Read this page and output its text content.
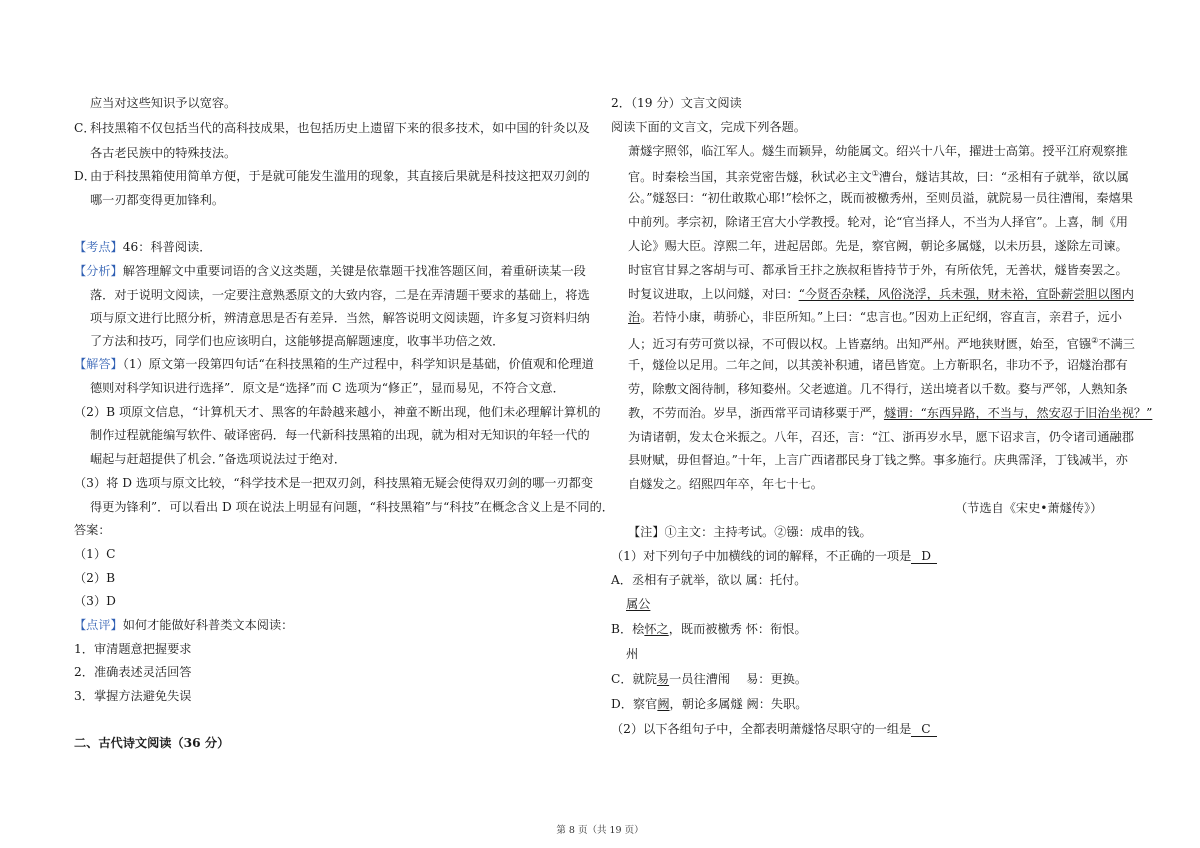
应当对这些知识予以宽容。
C．
科技黑箱不仅包括当代的高科技成果，也包括历史上遗留下来的很多技术，如中国的针灸以及
各古老民族中的特殊技法。
D．
由于科技黑箱使用简单方便，于是就可能发生滥用的现象，其直接后果就是科技这把双刃剑的
哪一刃都变得更加锋利。
【考点】46：科普阅读．
【分析】解答理解文中重要词语的含义这类题，关键是依靠题干找准答题区间，着重研读某一段
落．对于说明文阅读，一定要注意熟悉原文的大致内容，二是在弄清题干要求的基础上，将选
项与原文进行比照分析，辨清意思是否有差异．当然，解答说明文阅读题，许多复习资料归纳
了方法和技巧，同学们也应该明白，这能够提高解题速度，收事半功倍之效．
【解答】（1）原文第一段第四句话“在科技黑箱的生产过程中，科学知识是基础，价值观和伦理道
德则对科学知识进行选择”．原文是“选择”而 C 选项为“修正”，显而易见，不符合文意．
（2）B 项原文信息，“计算机天才、黑客的年龄越来越小，神童不断出现，他们未必理解计算机的
制作过程就能编写软件、破译密码．每一代新科技黑箱的出现，就为相对无知识的年轻一代的
崛起与赶超提供了机会．”备选项说法过于绝对．
（3）将 D 选项与原文比较，“科学技术是一把双刃剑，科技黑箱无疑会使得双刃剑的哪一刃都变
得更为锋利”．可以看出 D 项在说法上明显有问题，“科技黑箱”与“科技”在概念含义上是不同的．
答案：
（1）C
（2）B
（3）D
【点评】如何才能做好科普类文本阅读：
1．审清题意把握要求
2．准确表述灵活回答
3．掌握方法避免失误
二、古代诗文阅读（36 分）
2．（19 分）文言文阅读
阅读下面的文言文，完成下列各题。
萧燧字照邻，临江军人。燧生而颖异，幼能属文。绍兴十八年，擢进士高第。授平江府观察推
官。时秦桧当国，其亲党密告燧，秋试必主文①漕台，燧诘其故，曰：“丞相有子就举，欲以属
公。”燧怒曰：“初仕敢欺心耶!”桧怀之，既而被檄秀州，至则员溢，就院易一员往漕闱，秦熺果
中前列。孝宗初，除诸王宫大小学教授。轮对，论“官当择人，不当为人择官”。上喜，制《用
人论》赐大臣。淳熙二年，进起居郎。先是，察官阙，朝论多属燧，以未历县，遂除左司谏。
时宦官甘昪之客胡与可、都承旨王抃之族叔秬皆持节于外，有所依凭，无善状，燧皆奏罢之。
时复议进取，上以问燧，对曰：“今贤否杂糅，风俗浇浮，兵未强，财未裕，宜卧薪尝胆以图内
治。若恃小康，萌骄心，非臣所知。”上曰：“忠言也。”因劝上正纪纲，容直言，亲君子，远小
人；近习有劳可赏以禄，不可假以权。上皆嘉纳。出知严州。严地狭财匮，始至，官镪②不满三
千，燧俭以足用。二年之间，以其羡补积逋，诸邑皆宽。上方靳职名，非功不予，诏燧治郡有
劳，除敷文阁待制，移知婺州。父老遮道。几不得行，送出境者以千数。婺与严邻，人熟知条
教，不劳而治。岁旱，浙西常平司请移粟于严，燧谓：“东西异路，不当与，然安忍于旧治坐视？”
为请诸朝，发太仓米振之。八年，召还，言：“江、浙再岁水旱，愿下诏求言，仍令诸司通融郡
县财赋，毋但督迫。”十年，上言广西诸郡民身丁钱之弊。事多施行。庆典霈泽，丁钱减半，亦
自燧发之。绍熙四年卒，年七十七。
（节选自《宋史•萧燧传》）
【注】①主文：主持考试。②镪：成串的钱。
（1）对下列句子中加横线的词的解释，不正确的一项是 D
A．丞相有子就举，欲以 属：托付。
属公
B．桧怀之，既而被檄秀 怀：衔恨。
州
C．就院易一员往漕闱　 易：更换。
D．察官阙，朝论多属燧 阙：失职。
（2）以下各组句子中，全都表明萧燧恪尽职守的一组是 C
第 8 页（共 19 页）
